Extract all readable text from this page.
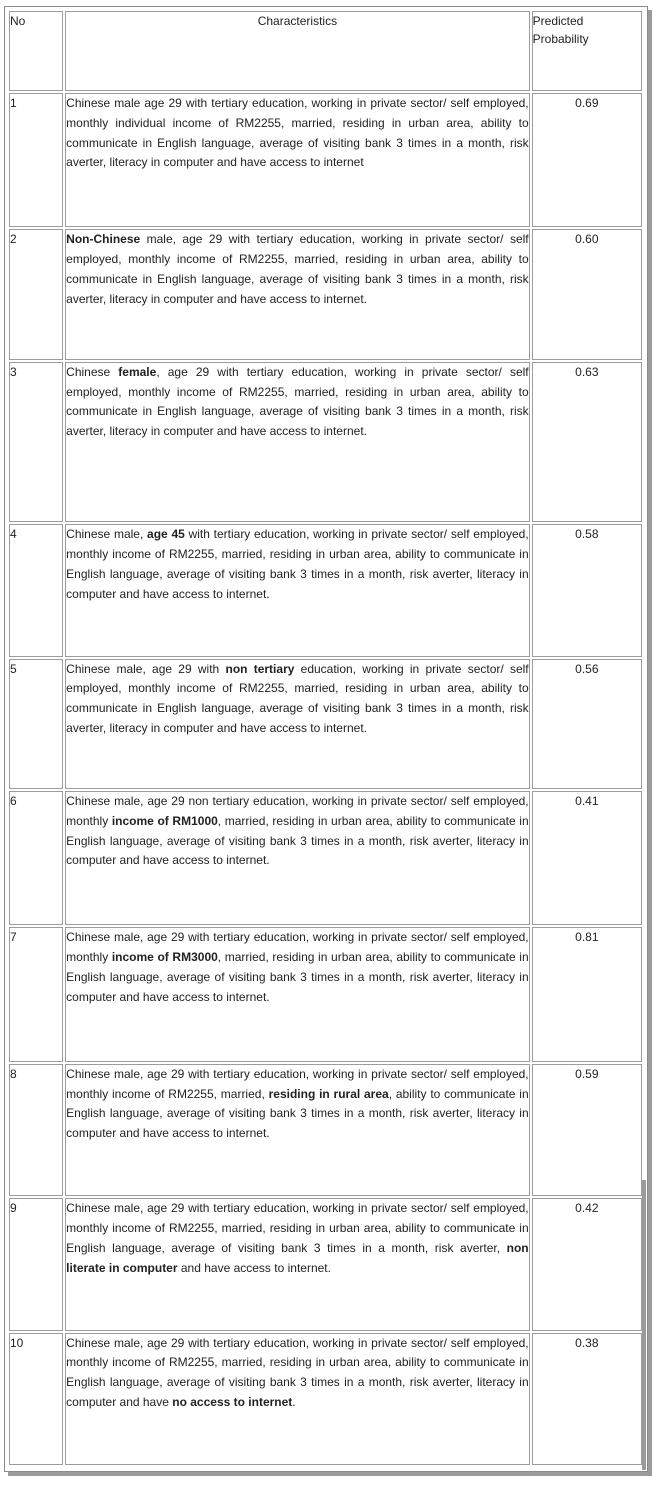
No	Characteristics	Predicted
Probability
1	Chinese male age 29 with tertiary education, working in private sector/ self employed, monthly individual income of RM2255, married, residing in urban area, ability to communicate in English language, average of visiting bank 3 times in a month, risk averter, literacy in computer and have access to internet	0.69
2	Non-Chinese male, age 29 with tertiary education, working in private sector/ self employed, monthly income of RM2255, married, residing in urban area, ability to communicate in English language, average of visiting bank 3 times in a month, risk averter, literacy in computer and have access to internet.	0.60
3	Chinese female, age 29 with tertiary education, working in private sector/ self employed, monthly income of RM2255, married, residing in urban area, ability to communicate in English language, average of visiting bank 3 times in a month, risk averter, literacy in computer and have access to internet.	0.63
4	Chinese male, age 45 with tertiary education, working in private sector/ self employed, monthly income of RM2255, married, residing in urban area, ability to communicate in English language, average of visiting bank 3 times in a month, risk averter, literacy in computer and have access to internet.	0.58
5	Chinese male, age 29 with non tertiary education, working in private sector/ self employed, monthly income of RM2255, married, residing in urban area, ability to communicate in English language, average of visiting bank 3 times in a month, risk averter, literacy in computer and have access to internet.	0.56
6	Chinese male, age 29 non tertiary education, working in private sector/ self employed, monthly income of RM1000, married, residing in urban area, ability to communicate in English language, average of visiting bank 3 times in a month, risk averter, literacy in computer and have access to internet.	0.41
7	Chinese male, age 29 with tertiary education, working in private sector/ self employed, monthly income of RM3000, married, residing in urban area, ability to communicate in English language, average of visiting bank 3 times in a month, risk averter, literacy in computer and have access to internet.	0.81
8	Chinese male, age 29 with tertiary education, working in private sector/ self employed, monthly income of RM2255, married, residing in rural area, ability to communicate in English language, average of visiting bank 3 times in a month, risk averter, literacy in computer and have access to internet.	0.59
9	Chinese male, age 29 with tertiary education, working in private sector/ self employed, monthly income of RM2255, married, residing in urban area, ability to communicate in English language, average of visiting bank 3 times in a month, risk averter, non literate in computer and have access to internet.	0.42
10	Chinese male, age 29 with tertiary education, working in private sector/ self employed, monthly income of RM2255, married, residing in urban area, ability to communicate in English language, average of visiting bank 3 times in a month, risk averter, literacy in computer and have no access to internet.	0.38
